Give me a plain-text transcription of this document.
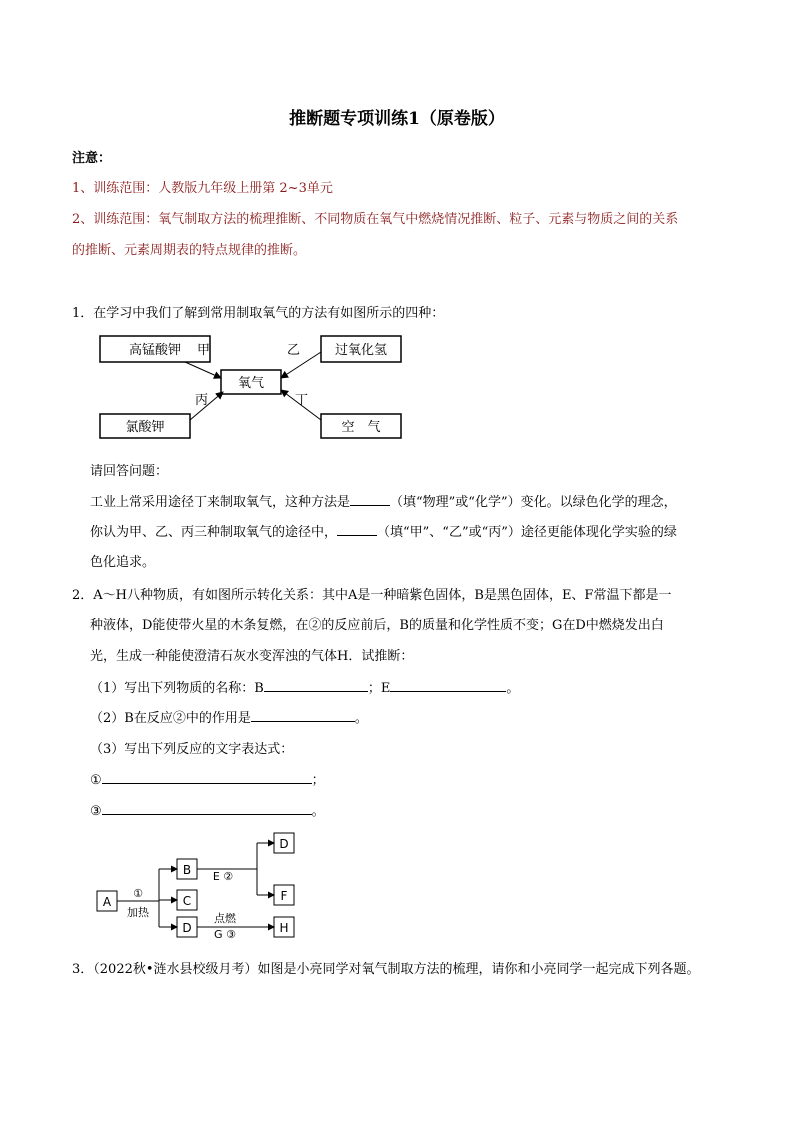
推断题专项训练1（原卷版）
注意：
1、训练范围：人教版九年级上册第 2~3单元
2、训练范围：氧气制取方法的梳理推断、不同物质在氧气中燃烧情况推断、粒子、元素与物质之间的关系
的推断、元素周期表的特点规律的推断。
1．在学习中我们了解到常用制取氧气的方法有如图所示的四种：
高锰酸钾	过氧化氢
氯酸钾	空　气
氧气
甲	乙
丙	丁
请回答问题：
工业上常采用途径丁来制取氧气，这种方法是	（填“物理”或“化学”）变化。以绿色化学的理念，
你认为甲、乙、丙三种制取氧气的途径中，	（填“甲”、“乙”或“丙”）途径更能体现化学实验的绿
色化追求。
2．A～H八种物质，有如图所示转化关系：其中A是一种暗紫色固体，B是黑色固体，E、F常温下都是一
种液体，D能使带火星的木条复燃，在②的反应前后，B的质量和化学性质不变；G在D中燃烧发出白
光，生成一种能使澄清石灰水变浑浊的气体H．试推断：
（1）写出下列物质的名称：B	；E	。
（2）B在反应②中的作用是	。
（3）写出下列反应的文字表达式：
①	；
③	。
A
B
C
D
D
F
H
①
加热
E ②
点燃
G ③
3．（2022秋•涟水县校级月考）如图是小亮同学对氧气制取方法的梳理，请你和小亮同学一起完成下列各题。
